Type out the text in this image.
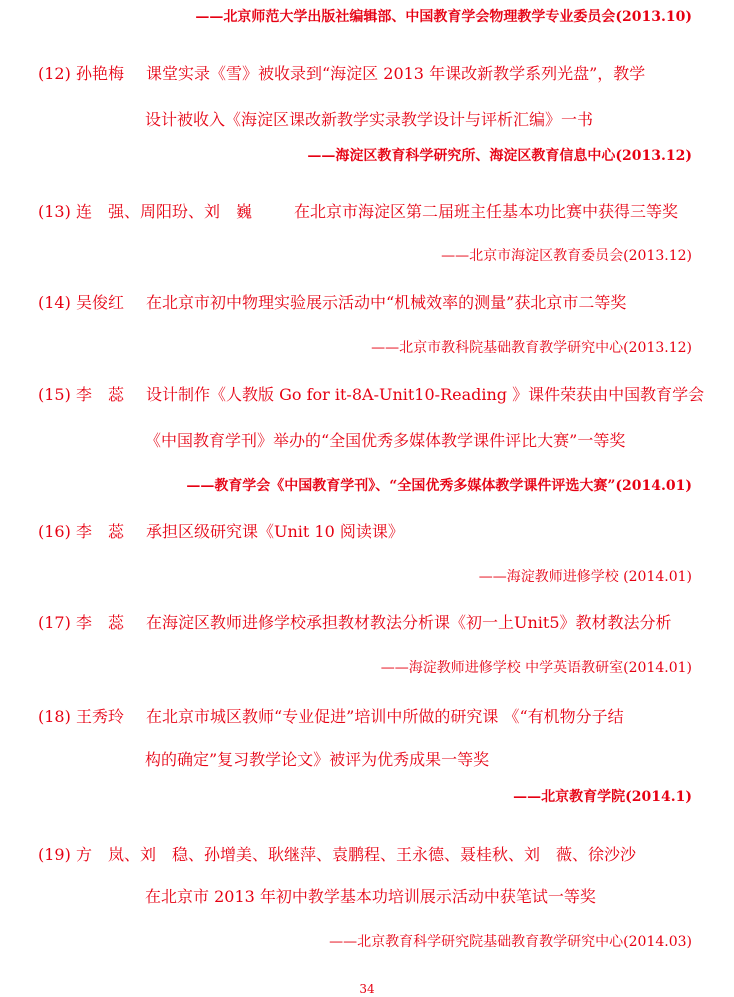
——北京师范大学出版社编辑部、中国教育学会物理教学专业委员会(2013.10)
(12) 孙艳梅 课堂实录《雪》被收录到“海淀区 2013 年课改新教学系列光盘”，教学
设计被收入《海淀区课改新教学实录教学设计与评析汇编》一书
——海淀区教育科学研究所、海淀区教育信息中心(2013.12)
(13) 连　强、周阳玢、刘　巍	在北京市海淀区第二届班主任基本功比赛中获得三等奖
——北京市海淀区教育委员会(2013.12)
(14) 吴俊红 在北京市初中物理实验展示活动中“机械效率的测量”获北京市二等奖
——北京市教科院基础教育教学研究中心(2013.12)
(15) 李　蕊 设计制作《人教版 Go for it-8A-Unit10-Reading 》课件荣获由中国教育学会
《中国教育学刊》举办的“全国优秀多媒体教学课件评比大赛”一等奖
——教育学会《中国教育学刊》、“全国优秀多媒体教学课件评选大赛”(2014.01)
(16) 李　蕊 承担区级研究课《Unit 10 阅读课》
——海淀教师进修学校 (2014.01)
(17) 李　蕊 在海淀区教师进修学校承担教材教法分析课《初一上Unit5》教材教法分析
——海淀教师进修学校 中学英语教研室(2014.01)
(18) 王秀玲 在北京市城区教师“专业促进”培训中所做的研究课 《“有机物分子结
构的确定”复习教学论文》被评为优秀成果一等奖
——北京教育学院(2014.1)
(19) 方　岚、刘　稳、孙增美、耿继萍、袁鹏程、王永德、聂桂秋、刘　薇、徐沙沙
在北京市 2013 年初中教学基本功培训展示活动中获笔试一等奖
——北京教育科学研究院基础教育教学研究中心(2014.03)
34
